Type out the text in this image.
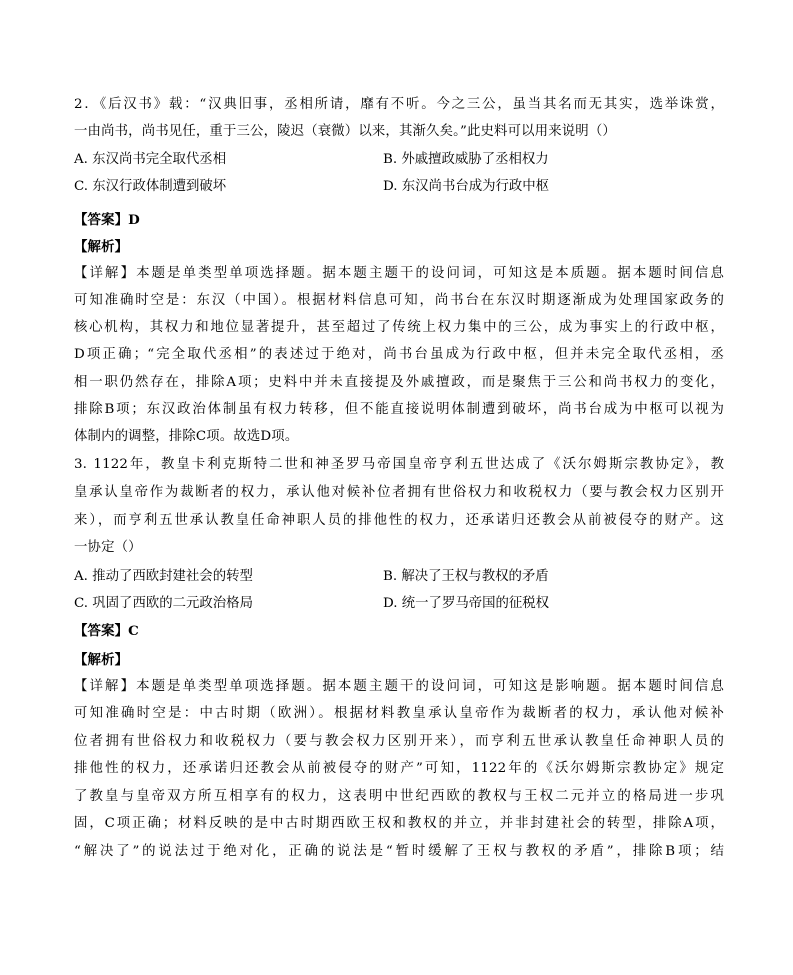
2．《后汉书》载：“汉典旧事，丞相所请，靡有不听。今之三公，虽当其名而无其实，选举诛赏，
一由尚书，尚书见任，重于三公，陵迟（衰微）以来，其渐久矣。”此史料可以用来说明（）
A. 东汉尚书完全取代丞相	B. 外戚擅政威胁了丞相权力
C. 东汉行政体制遭到破坏	D. 东汉尚书台成为行政中枢
【答案】D
【解析】
【详解】本题是单类型单项选择题。据本题主题干的设问词，可知这是本质题。据本题时间信息
可知准确时空是：东汉（中国）。根据材料信息可知，尚书台在东汉时期逐渐成为处理国家政务的
核心机构，其权力和地位显著提升，甚至超过了传统上权力集中的三公，成为事实上的行政中枢，
D项正确；“完全取代丞相”的表述过于绝对，尚书台虽成为行政中枢，但并未完全取代丞相，丞
相一职仍然存在，排除A项；史料中并未直接提及外戚擅政，而是聚焦于三公和尚书权力的变化，
排除B项；东汉政治体制虽有权力转移，但不能直接说明体制遭到破坏，尚书台成为中枢可以视为
体制内的调整，排除C项。故选D项。
3. 1122年，教皇卡利克斯特二世和神圣罗马帝国皇帝亨利五世达成了《沃尔姆斯宗教协定》，教
皇承认皇帝作为裁断者的权力，承认他对候补位者拥有世俗权力和收税权力（要与教会权力区别开
来），而亨利五世承认教皇任命神职人员的排他性的权力，还承诺归还教会从前被侵夺的财产。这
一协定（）
A. 推动了西欧封建社会的转型	B. 解决了王权与教权的矛盾
C. 巩固了西欧的二元政治格局	D. 统一了罗马帝国的征税权
【答案】C
【解析】
【详解】本题是单类型单项选择题。据本题主题干的设问词，可知这是影响题。据本题时间信息
可知准确时空是：中古时期（欧洲）。根据材料教皇承认皇帝作为裁断者的权力，承认他对候补
位者拥有世俗权力和收税权力（要与教会权力区别开来），而亨利五世承认教皇任命神职人员的
排他性的权力，还承诺归还教会从前被侵夺的财产”可知，1122年的《沃尔姆斯宗教协定》规定
了教皇与皇帝双方所互相享有的权力，这表明中世纪西欧的教权与王权二元并立的格局进一步巩
固，C项正确；材料反映的是中古时期西欧王权和教权的并立，并非封建社会的转型，排除A项，
“解决了”的说法过于绝对化，正确的说法是“暂时缓解了王权与教权的矛盾”，排除B项；结
